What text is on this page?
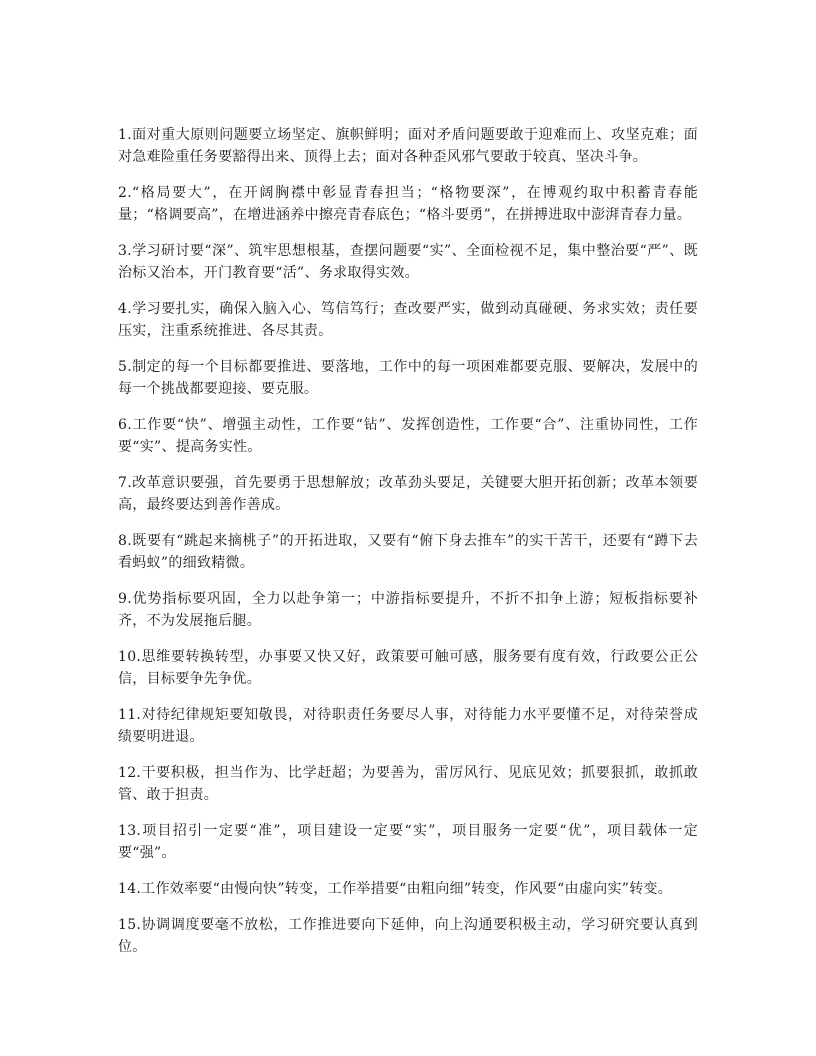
1.面对重大原则问题要立场坚定、旗帜鲜明；面对矛盾问题要敢于迎难而上、攻坚克难；面对急难险重任务要豁得出来、顶得上去；面对各种歪风邪气要敢于较真、坚决斗争。

2.“格局要大”，在开阔胸襟中彰显青春担当；“格物要深”，在博观约取中积蓄青春能量；“格调要高”，在增进涵养中擦亮青春底色；“格斗要勇”，在拼搏进取中澎湃青春力量。

3.学习研讨要“深”、筑牢思想根基，查摆问题要“实”、全面检视不足，集中整治要“严”、既治标又治本，开门教育要“活”、务求取得实效。

4.学习要扎实，确保入脑入心、笃信笃行；查改要严实，做到动真碰硬、务求实效；责任要压实，注重系统推进、各尽其责。

5.制定的每一个目标都要推进、要落地，工作中的每一项困难都要克服、要解决，发展中的每一个挑战都要迎接、要克服。

6.工作要“快”、增强主动性，工作要“钻”、发挥创造性，工作要“合”、注重协同性，工作要“实”、提高务实性。

7.改革意识要强，首先要勇于思想解放；改革劲头要足，关键要大胆开拓创新；改革本领要高，最终要达到善作善成。

8.既要有“跳起来摘桃子”的开拓进取，又要有“俯下身去推车”的实干苦干，还要有“蹲下去看蚂蚁”的细致精微。

9.优势指标要巩固，全力以赴争第一；中游指标要提升，不折不扣争上游；短板指标要补齐，不为发展拖后腿。

10.思维要转换转型，办事要又快又好，政策要可触可感，服务要有度有效，行政要公正公信，目标要争先争优。

11.对待纪律规矩要知敬畏，对待职责任务要尽人事，对待能力水平要懂不足，对待荣誉成绩要明进退。

12.干要积极，担当作为、比学赶超；为要善为，雷厉风行、见底见效；抓要狠抓，敢抓敢管、敢于担责。

13.项目招引一定要“准”，项目建设一定要“实”，项目服务一定要“优”，项目载体一定要“强”。

14.工作效率要“由慢向快”转变，工作举措要“由粗向细”转变，作风要“由虚向实”转变。

15.协调调度要毫不放松，工作推进要向下延伸，向上沟通要积极主动，学习研究要认真到位。
